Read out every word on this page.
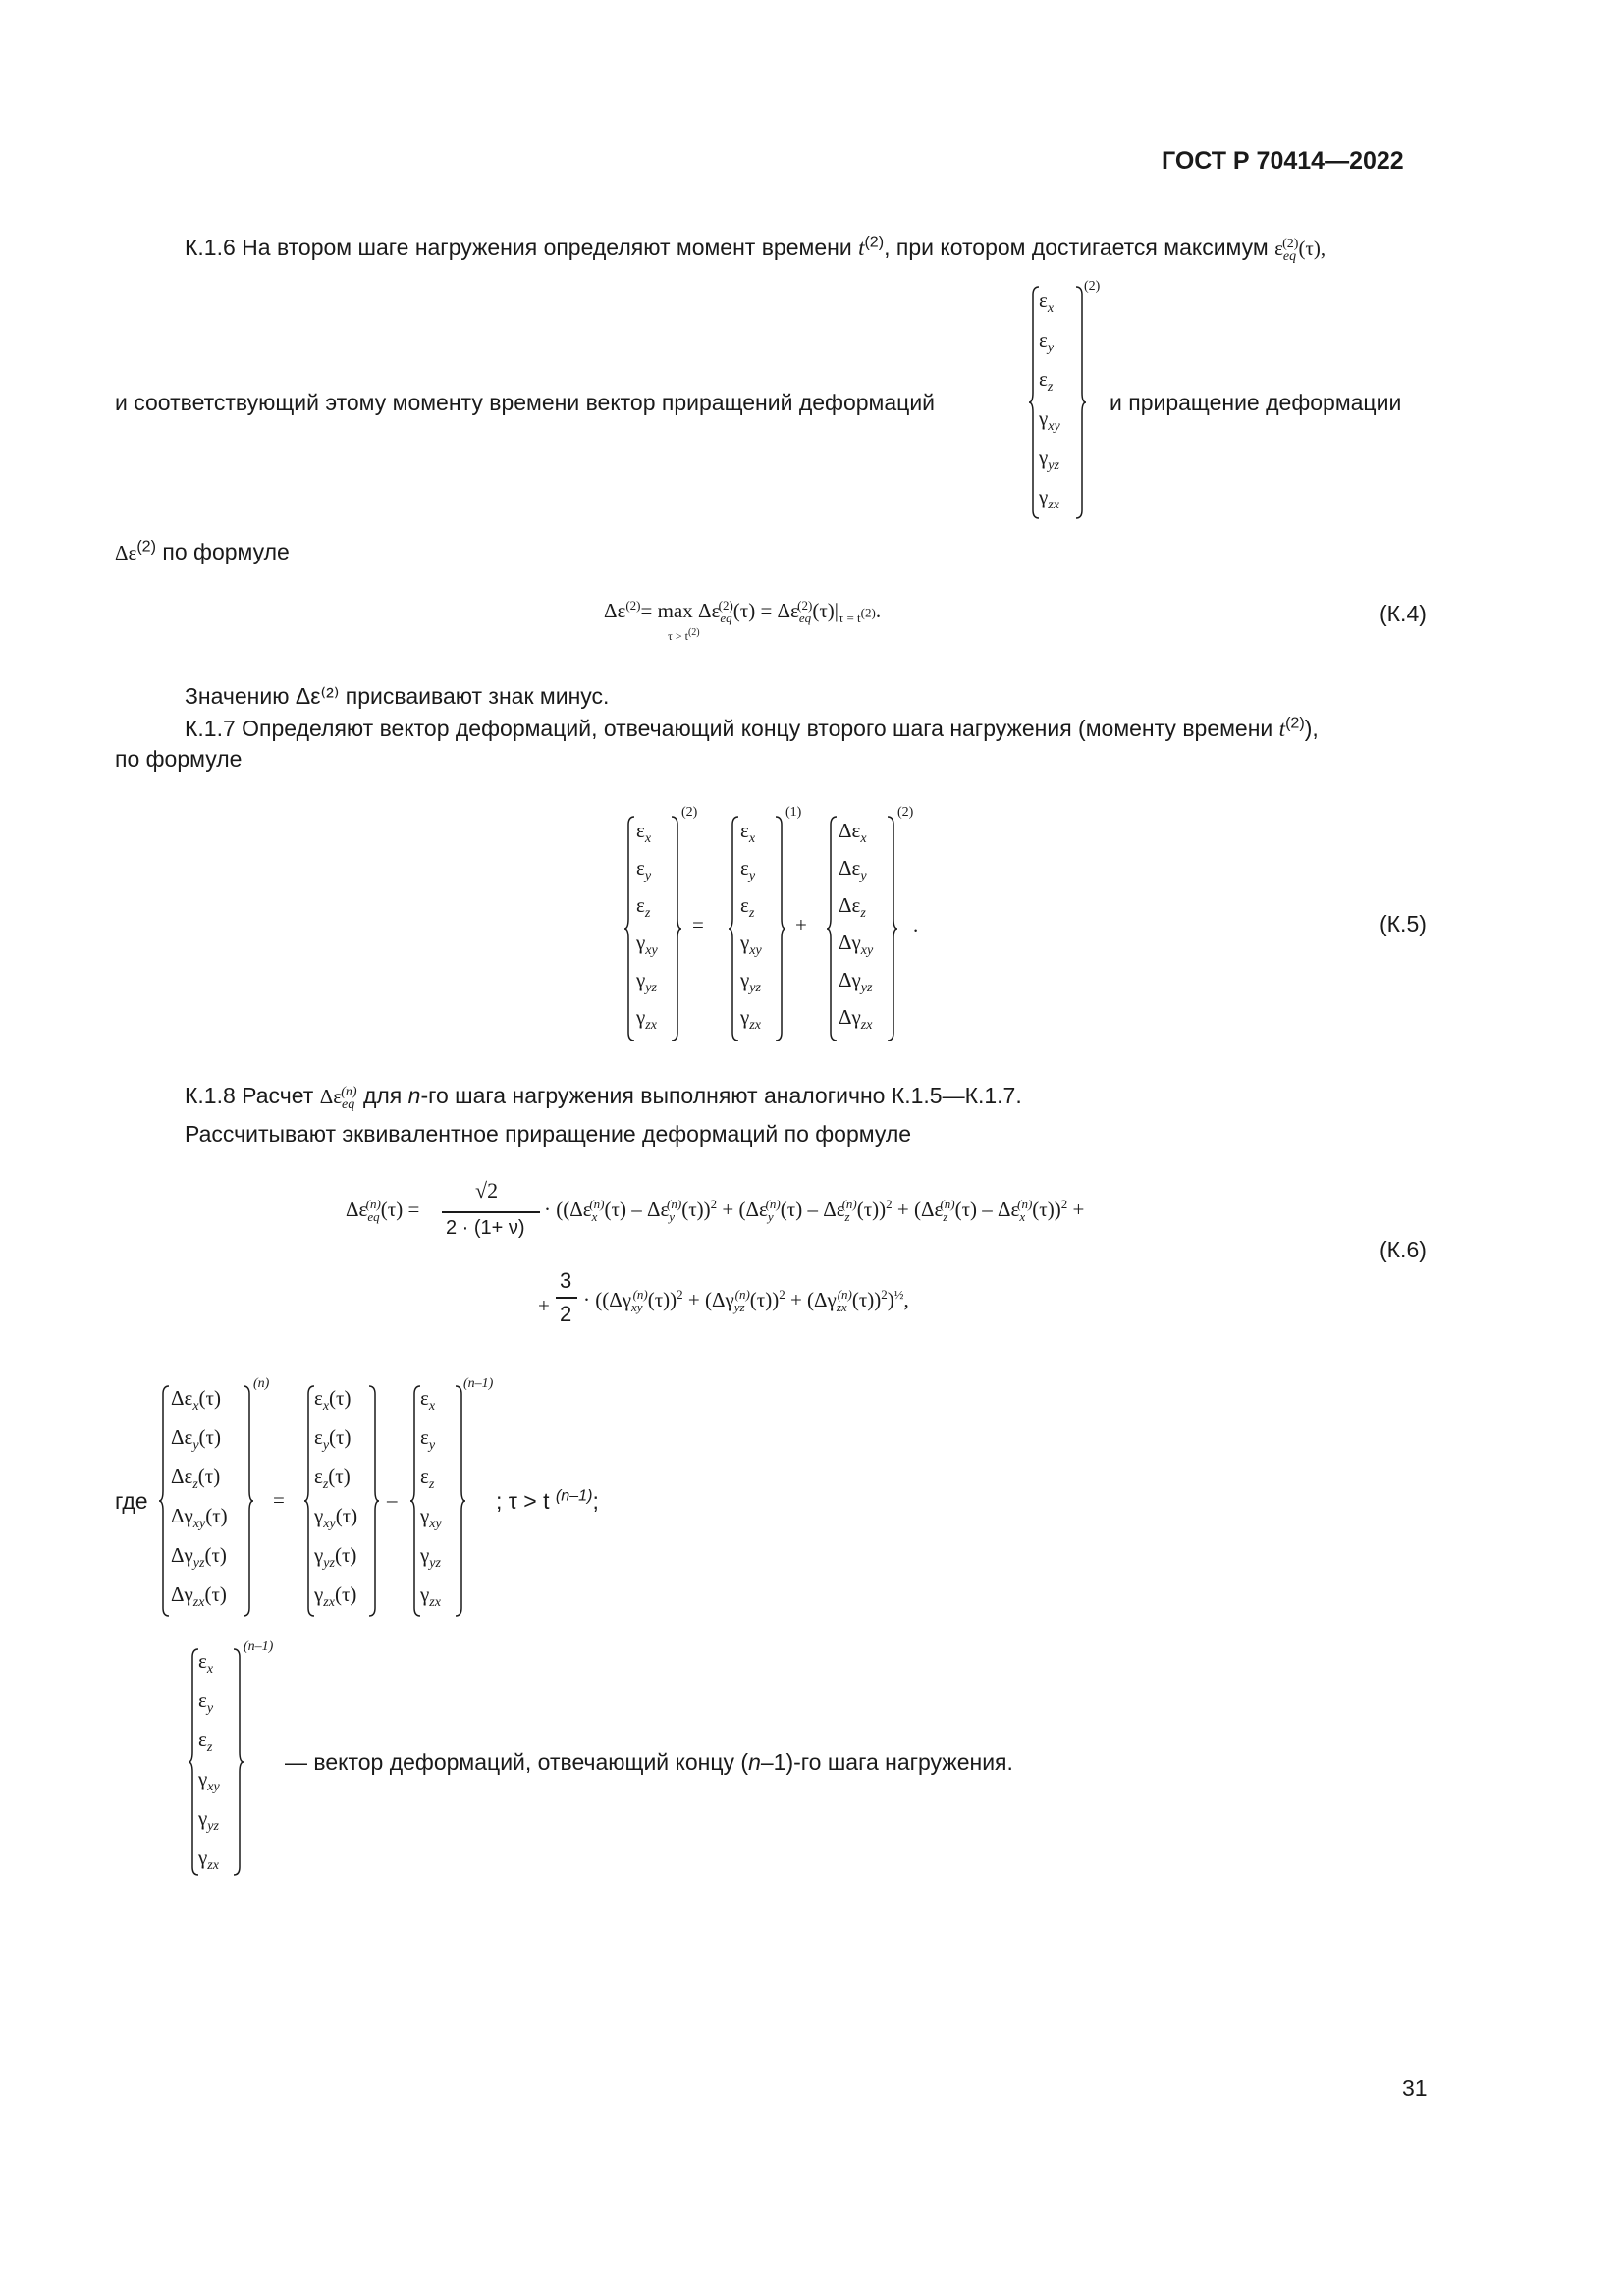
ГОСТ Р 70414—2022
К.1.6 На втором шаге нагружения определяют момент времени $t^{(2)}$, при котором достигается максимум $\varepsilon_{eq}^{(2)}(\tau)$,
$\varepsilon_x$
$\varepsilon_y$
$\varepsilon_z$
$\gamma_{xy}$
$\gamma_{yz}$
$\gamma_{zx}$
(2)
и соответствующий этому моменту времени вектор приращений деформаций	и приращение деформации
$\Delta\varepsilon^{(2)}$ по формуле
$\Delta\varepsilon^{(2)}= \max \Delta\varepsilon_{eq}^{(2)}(\tau) = \Delta\varepsilon_{eq}^{(2)}(\tau)|_{\tau = t^{(2)}}$.
$\tau > t^{(2)}$
(К.4)
Значению Δε⁽²⁾ присваивают знак минус.
К.1.7 Определяют вектор деформаций, отвечающий концу второго шага нагружения (моменту времени $t^{(2)}$),
по формуле
$\varepsilon_x$
$\varepsilon_y$
$\varepsilon_z$
$\gamma_{xy}$
$\gamma_{yz}$
$\gamma_{zx}$
(2)
=
$\varepsilon_x$
$\varepsilon_y$
$\varepsilon_z$
$\gamma_{xy}$
$\gamma_{yz}$
$\gamma_{zx}$
(1)
+
$\Delta\varepsilon_x$
$\Delta\varepsilon_y$
$\Delta\varepsilon_z$
$\Delta\gamma_{xy}$
$\Delta\gamma_{yz}$
$\Delta\gamma_{zx}$
(2)
.	(К.5)
К.1.8 Расчет $\Delta\varepsilon_{eq}^{(n)}$ для n-го шага нагружения выполняют аналогично К.1.5—К.1.7.
Рассчитывают эквивалентное приращение деформаций по формуле
$\Delta\varepsilon_{eq}^{(n)}(\tau)$ =
√2
2 · (1+ ν)
· ($(\Delta\varepsilon_x^{(n)}(\tau) - \Delta\varepsilon_y^{(n)}(\tau))^2 + (\Delta\varepsilon_y^{(n)}(\tau) - \Delta\varepsilon_z^{(n)}(\tau))^2 + (\Delta\varepsilon_z^{(n)}(\tau) - \Delta\varepsilon_x^{(n)}(\tau))^2$ +
(К.6)
+
3
2
· $((\Delta\gamma_{xy}^{(n)}(\tau))^2 + (\Delta\gamma_{yz}^{(n)}(\tau))^2 + (\Delta\gamma_{zx}^{(n)}(\tau))^2)^{\frac{1}{2}}$,
где
$\Delta\varepsilon_x(\tau)$
$\Delta\varepsilon_y(\tau)$
$\Delta\varepsilon_z(\tau)$
$\Delta\gamma_{xy}(\tau)$
$\Delta\gamma_{yz}(\tau)$
$\Delta\gamma_{zx}(\tau)$
(n)
=
$\varepsilon_x(\tau)$
$\varepsilon_y(\tau)$
$\varepsilon_z(\tau)$
$\gamma_{xy}(\tau)$
$\gamma_{yz}(\tau)$
$\gamma_{zx}(\tau)$
–
$\varepsilon_x$
$\varepsilon_y$
$\varepsilon_z$
$\gamma_{xy}$
$\gamma_{yz}$
$\gamma_{zx}$
(n–1)
; τ > t $^{(n-1)}$;
$\varepsilon_x$
$\varepsilon_y$
$\varepsilon_z$
$\gamma_{xy}$
$\gamma_{yz}$
$\gamma_{zx}$
(n–1)
— вектор деформаций, отвечающий концу (n–1)-го шага нагружения.
31
